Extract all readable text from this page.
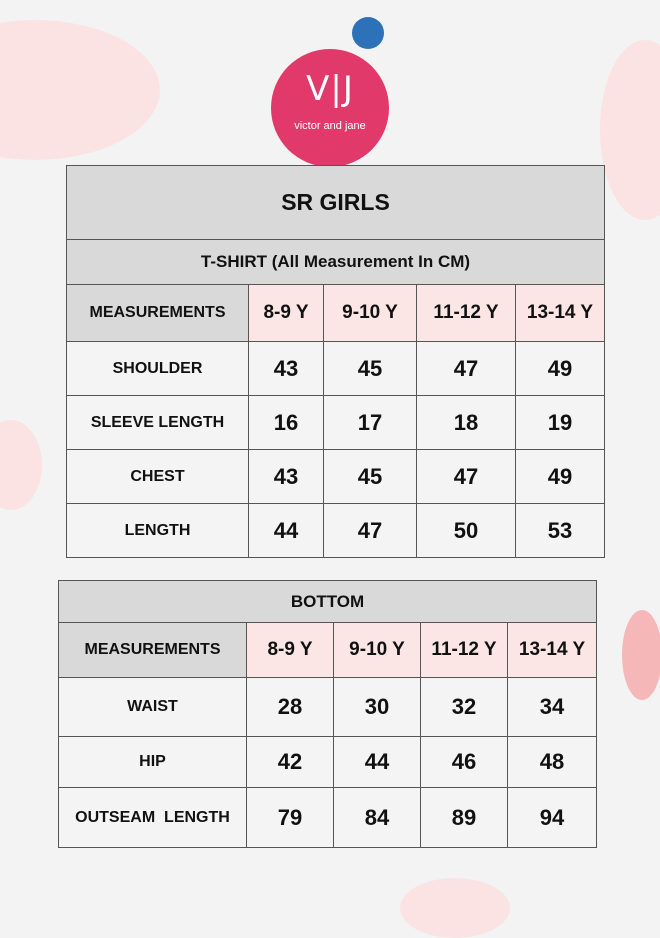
V|J
victor and jane
SR GIRLS				
T-SHIRT (All Measurement In CM)				
MEASUREMENTS	8-9 Y	9-10 Y	11-12 Y	13-14 Y
SHOULDER	43	45	47	49
SLEEVE LENGTH	16	17	18	19
CHEST	43	45	47	49
LENGTH	44	47	50	53
BOTTOM				
MEASUREMENTS	8-9 Y	9-10 Y	11-12 Y	13-14 Y
WAIST	28	30	32	34
HIP	42	44	46	48
OUTSEAM  LENGTH	79	84	89	94
